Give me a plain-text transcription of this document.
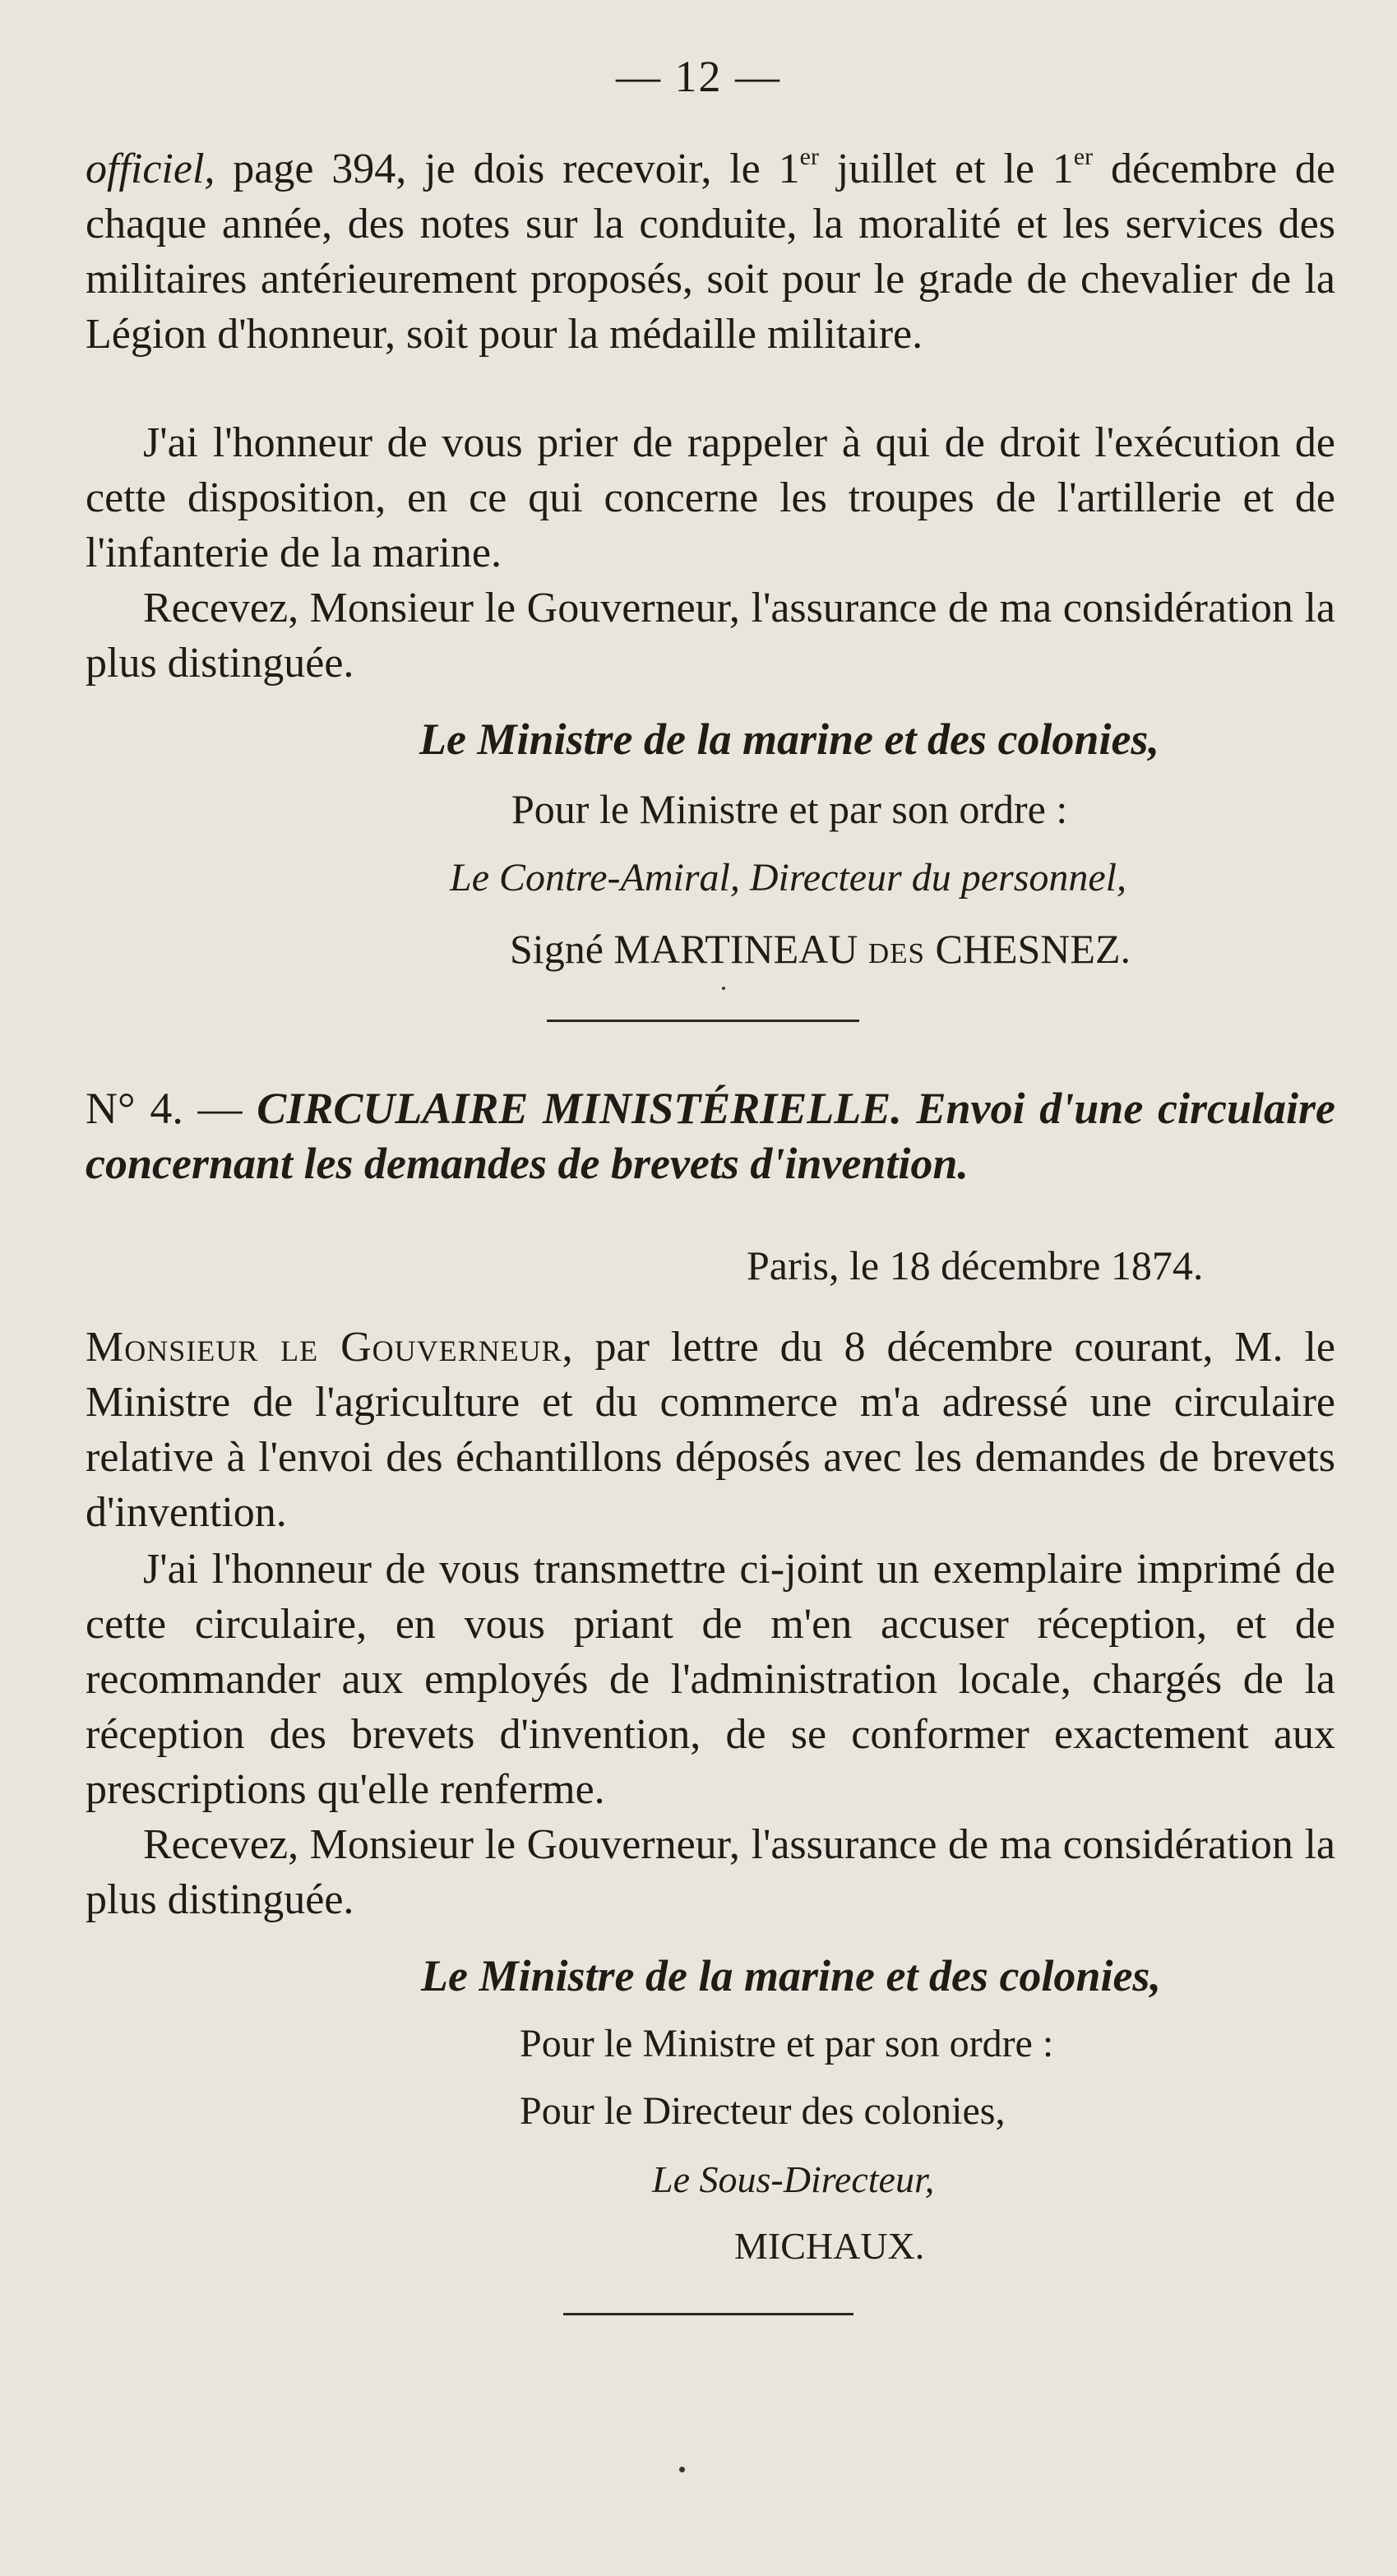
— 12 —
officiel, page 394, je dois recevoir, le 1er juillet et le 1er décembre de chaque année, des notes sur la conduite, la moralité et les services des militaires antérieurement proposés, soit pour le grade de chevalier de la Légion d'honneur, soit pour la médaille militaire.
J'ai l'honneur de vous prier de rappeler à qui de droit l'exécution de cette disposition, en ce qui concerne les troupes de l'artillerie et de l'infanterie de la marine.
Recevez, Monsieur le Gouverneur, l'assurance de ma considération la plus distinguée.
Le Ministre de la marine et des colonies,
Pour le Ministre et par son ordre :
Le Contre-Amiral, Directeur du personnel,
Signé MARTINEAU des CHESNEZ.
N° 4. — CIRCULAIRE MINISTÉRIELLE. Envoi d'une circulaire concernant les demandes de brevets d'invention.
Paris, le 18 décembre 1874.
Monsieur le Gouverneur, par lettre du 8 décembre courant, M. le Ministre de l'agriculture et du commerce m'a adressé une circulaire relative à l'envoi des échantillons déposés avec les demandes de brevets d'invention.
J'ai l'honneur de vous transmettre ci-joint un exemplaire imprimé de cette circulaire, en vous priant de m'en accuser réception, et de recommander aux employés de l'administration locale, chargés de la réception des brevets d'invention, de se conformer exactement aux prescriptions qu'elle renferme.
Recevez, Monsieur le Gouverneur, l'assurance de ma considération la plus distinguée.
Le Ministre de la marine et des colonies,
Pour le Ministre et par son ordre :
Pour le Directeur des colonies,
Le Sous-Directeur,
MICHAUX.
